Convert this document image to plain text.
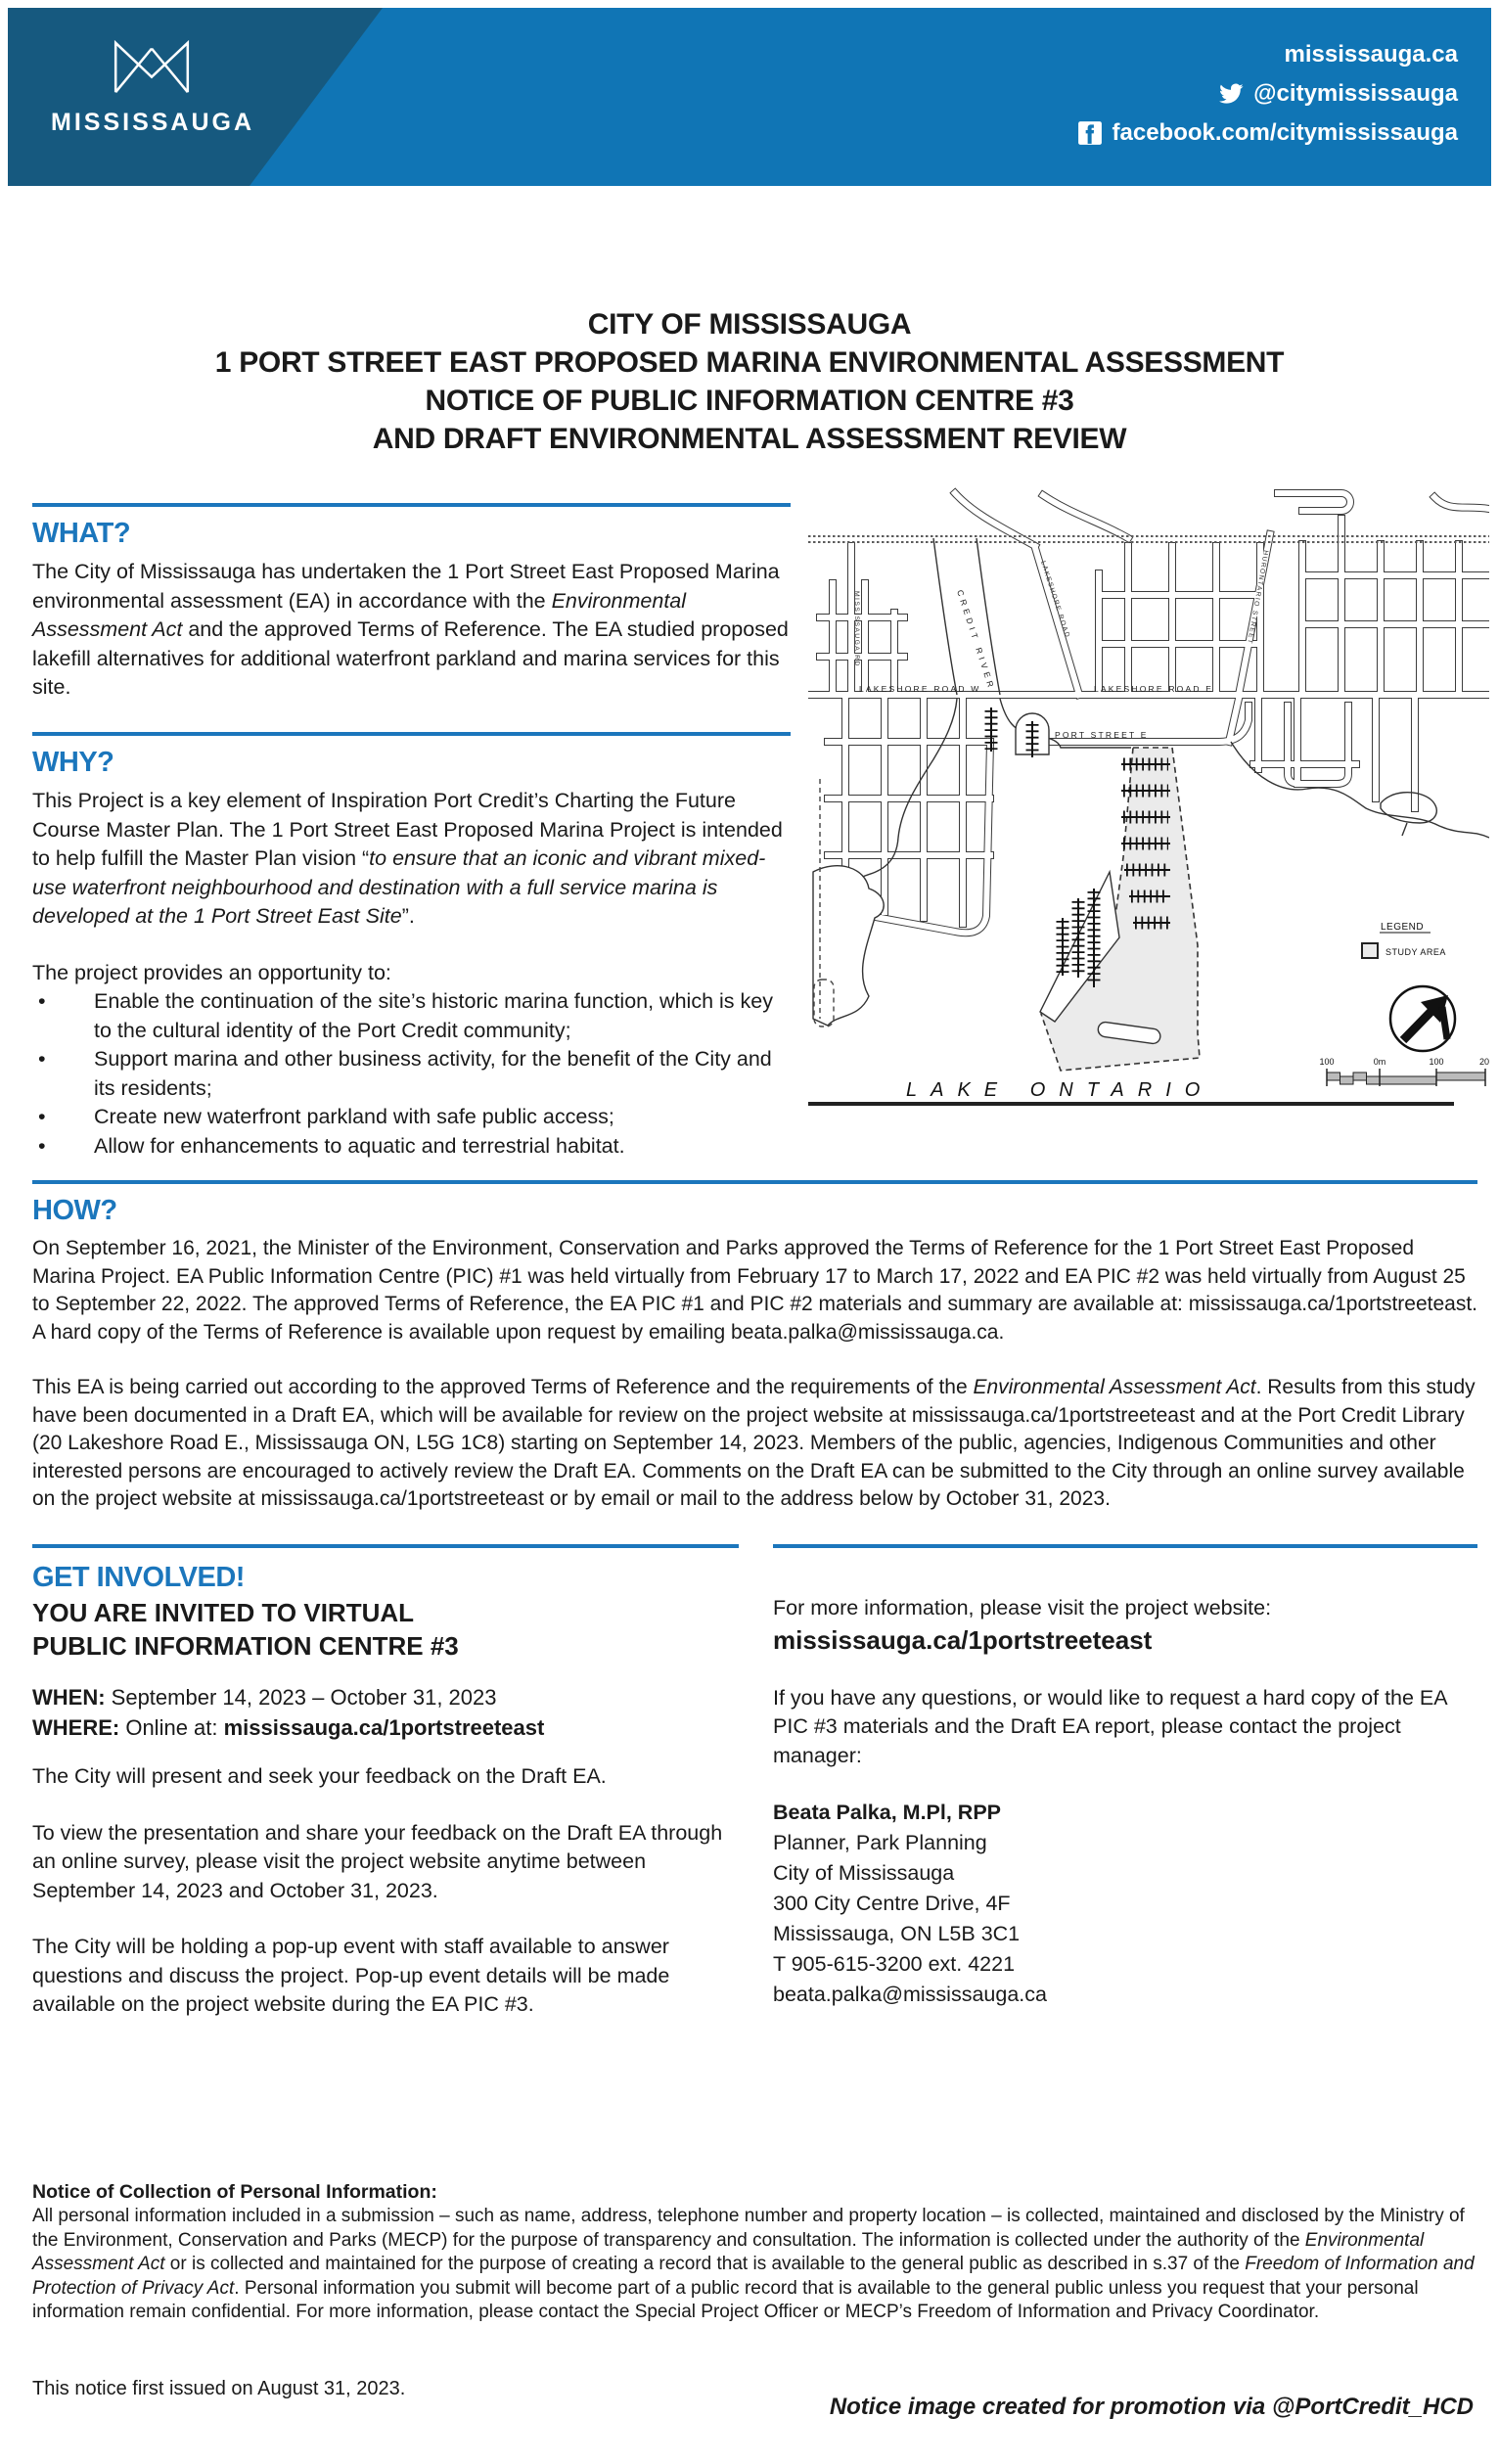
MISSISSAUGA
mississauga.ca
@citymississauga
facebook.com/citymississauga
CITY OF MISSISSAUGA
1 PORT STREET EAST PROPOSED MARINA ENVIRONMENTAL ASSESSMENT
NOTICE OF PUBLIC INFORMATION CENTRE #3
AND DRAFT ENVIRONMENTAL ASSESSMENT REVIEW
WHAT?

The City of Mississauga has undertaken the 1 Port Street East Proposed Marina environmental assessment (EA) in accordance with the Environmental Assessment Act and the approved Terms of Reference. The EA studied proposed lakefill alternatives for additional waterfront parkland and marina services for this site.

WHY?

This Project is a key element of Inspiration Port Credit’s Charting the Future Course Master Plan. The 1 Port Street East Proposed Marina Project is intended to help fulfill the Master Plan vision “to ensure that an iconic and vibrant mixed-use waterfront neighbourhood and destination with a full service marina is developed at the 1 Port Street East Site”.

The project provides an opportunity to:

• Enable the continuation of the site’s historic marina function, which is key to the cultural identity of the Port Credit community;
• Support marina and other business activity, for the benefit of the City and its residents;
• Create new waterfront parkland with safe public access;
• Allow for enhancements to aquatic and terrestrial habitat.
LAKESHORE ROAD W	LAKESHORE ROAD E
PORT STREET E
CREDIT RIVER	LAKESHORE ROAD	HURONTARIO STREET
MISSISSAUGA RD
LAKE ONTARIO
LEGEND
STUDY AREA
100	0m	100	20
HOW?

On September 16, 2021, the Minister of the Environment, Conservation and Parks approved the Terms of Reference for the 1 Port Street East Proposed Marina Project. EA Public Information Centre (PIC) #1 was held virtually from February 17 to March 17, 2022 and EA PIC #2 was held virtually from August 25 to September 22, 2022. The approved Terms of Reference, the EA PIC #1 and PIC #2 materials and summary are available at: mississauga.ca/1portstreeteast. A hard copy of the Terms of Reference is available upon request by emailing beata.palka@mississauga.ca.

This EA is being carried out according to the approved Terms of Reference and the requirements of the Environmental Assessment Act. Results from this study have been documented in a Draft EA, which will be available for review on the project website at mississauga.ca/1portstreeteast and at the Port Credit Library (20 Lakeshore Road E., Mississauga ON, L5G 1C8) starting on September 14, 2023. Members of the public, agencies, Indigenous Communities and other interested persons are encouraged to actively review the Draft EA. Comments on the Draft EA can be submitted to the City through an online survey available on the project website at mississauga.ca/1portstreeteast or by email or mail to the address below by October 31, 2023.

GET INVOLVED!
YOU ARE INVITED TO VIRTUAL
PUBLIC INFORMATION CENTRE #3
WHEN: September 14, 2023 – October 31, 2023
WHERE: Online at: mississauga.ca/1portstreeteast

The City will present and seek your feedback on the Draft EA.

To view the presentation and share your feedback on the Draft EA through an online survey, please visit the project website anytime between September 14, 2023 and October 31, 2023.

The City will be holding a pop-up event with staff available to answer questions and discuss the project. Pop-up event details will be made available on the project website during the EA PIC #3.

For more information, please visit the project website:

mississauga.ca/1portstreeteast

If you have any questions, or would like to request a hard copy of the EA PIC #3 materials and the Draft EA report, please contact the project manager:

Beata Palka, M.Pl, RPP
Planner, Park Planning
City of Mississauga
300 City Centre Drive, 4F
Mississauga, ON L5B 3C1
T 905-615-3200 ext. 4221
beata.palka@mississauga.ca
Notice of Collection of Personal Information:

All personal information included in a submission – such as name, address, telephone number and property location – is collected, maintained and disclosed by the Ministry of the Environment, Conservation and Parks (MECP) for the purpose of transparency and consultation. The information is collected under the authority of the Environmental Assessment Act or is collected and maintained for the purpose of creating a record that is available to the general public as described in s.37 of the Freedom of Information and Protection of Privacy Act. Personal information you submit will become part of a public record that is available to the general public unless you request that your personal information remain confidential. For more information, please contact the Special Project Officer or MECP’s Freedom of Information and Privacy Coordinator.

This notice first issued on August 31, 2023.
Notice image created for promotion via @PortCredit_HCD
